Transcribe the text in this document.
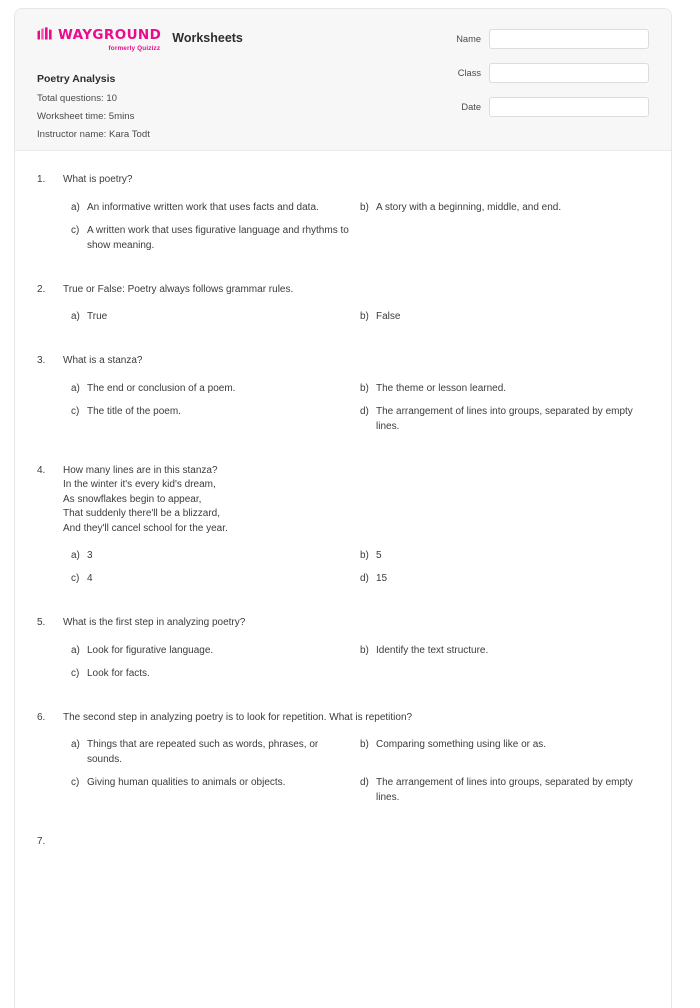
WAYGROUND
formerly Quizizz
Worksheets
Poetry Analysis
Total questions: 10
Worksheet time: 5mins
Instructor name: Kara Todt
Name
Class
Date
1.	What is poetry?
a) An informative written work that uses facts and data.	b) A story with a beginning, middle, and end.
c) A written work that uses figurative language and rhythms to show meaning.
2.	True or False: Poetry always follows grammar rules.
a) True	b) False
3.	What is a stanza?
a) The end or conclusion of a poem.	b) The theme or lesson learned.
c) The title of the poem.	d) The arrangement of lines into groups, separated by empty lines.
4.	How many lines are in this stanza?
In the winter it's every kid's dream,
As snowflakes begin to appear,
That suddenly there'll be a blizzard,
And they'll cancel school for the year.
a) 3	b) 5
c) 4	d) 15
5.	What is the first step in analyzing poetry?
a) Look for figurative language.	b) Identify the text structure.
c) Look for facts.
6.	The second step in analyzing poetry is to look for repetition. What is repetition?
a) Things that are repeated such as words, phrases, or sounds.
b) Comparing something using like or as.
c) Giving human qualities to animals or objects.	d) The arrangement of lines into groups, separated by empty lines.
7.
